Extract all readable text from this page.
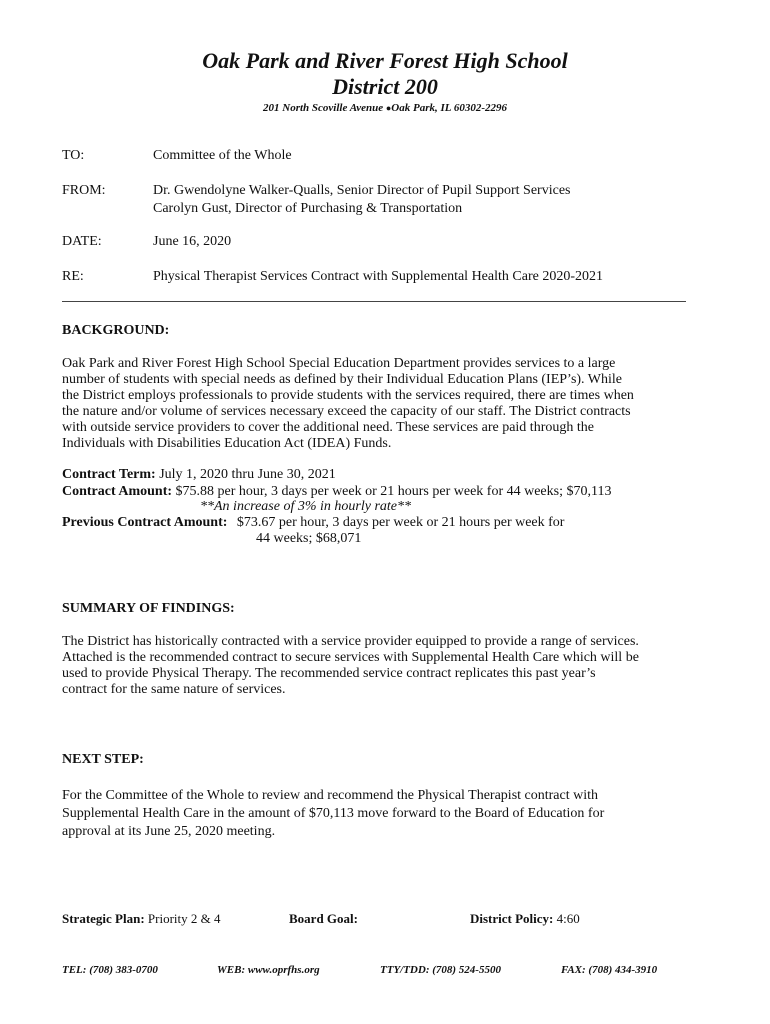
Oak Park and River Forest High School
District 200
201 North Scoville Avenue ●Oak Park, IL 60302-2296
TO:	Committee of the Whole
FROM:	Dr. Gwendolyne Walker-Qualls, Senior Director of Pupil Support Services
Carolyn Gust, Director of Purchasing & Transportation
DATE:	June 16, 2020
RE:	Physical Therapist Services Contract with Supplemental Health Care 2020-2021
BACKGROUND:
Oak Park and River Forest High School Special Education Department provides services to a large
number of students with special needs as defined by their Individual Education Plans (IEP’s). While
the District employs professionals to provide students with the services required, there are times when
the nature and/or volume of services necessary exceed the capacity of our staff. The District contracts
with outside service providers to cover the additional need. These services are paid through the
Individuals with Disabilities Education Act (IDEA) Funds.
Contract Term: July 1, 2020 thru June 30, 2021
Contract Amount: $75.88 per hour, 3 days per week or 21 hours per week for 44 weeks; $70,113
**An increase of 3% in hourly rate**
Previous Contract Amount: $73.67 per hour, 3 days per week or 21 hours per week for
44 weeks; $68,071
SUMMARY OF FINDINGS:
The District has historically contracted with a service provider equipped to provide a range of services.
Attached is the recommended contract to secure services with Supplemental Health Care which will be
used to provide Physical Therapy. The recommended service contract replicates this past year’s
contract for the same nature of services.
NEXT STEP:
For the Committee of the Whole to review and recommend the Physical Therapist contract with
Supplemental Health Care in the amount of $70,113 move forward to the Board of Education for
approval at its June 25, 2020 meeting.
Strategic Plan: Priority 2 & 4	Board Goal:	District Policy: 4:60
TEL: (708) 383-0700	WEB: www.oprfhs.org	TTY/TDD: (708) 524-5500	FAX: (708) 434-3910
